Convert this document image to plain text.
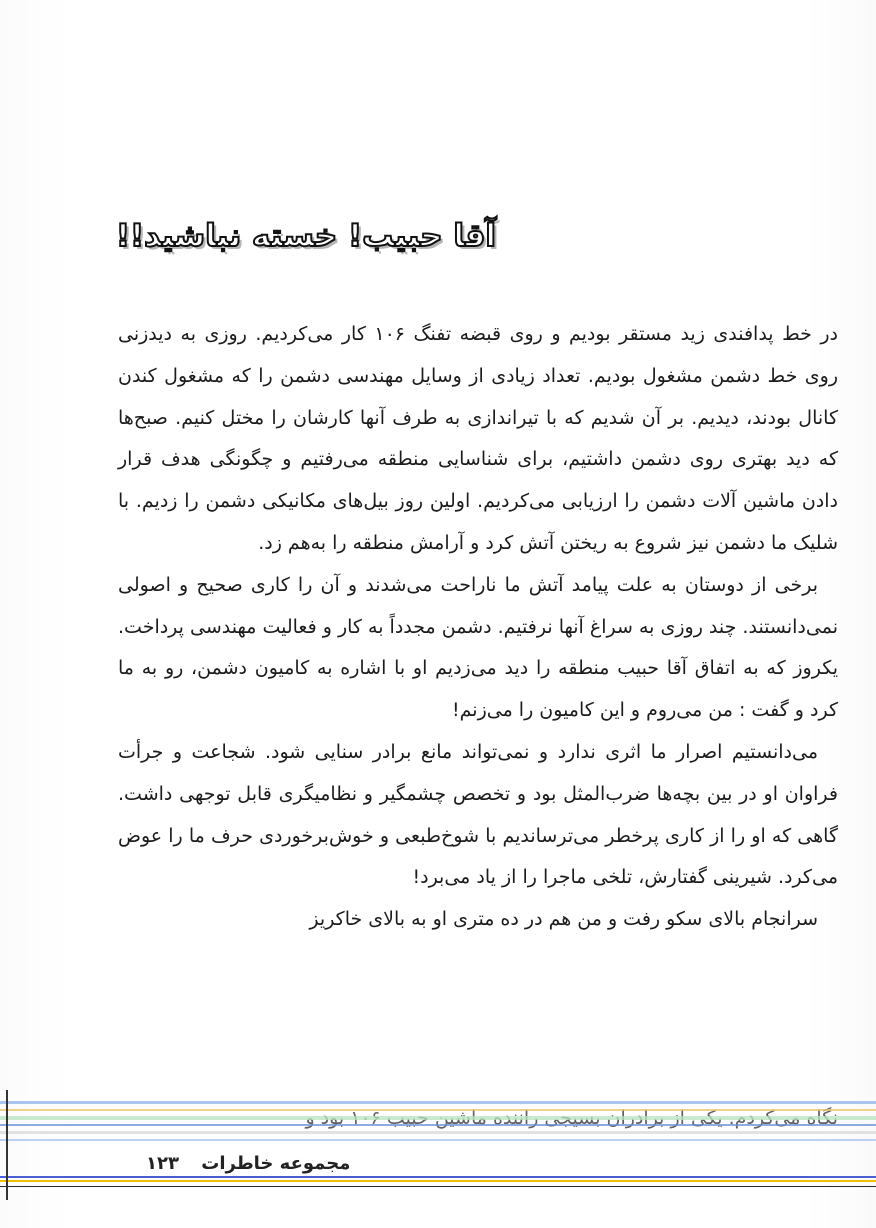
آقا حبیب! خسته نباشید!!

در خط پدافندی زید مستقر بودیم و روی قبضه تفنگ ۱۰۶ کار می‌کردیم. روزی به دیدزنی روی خط دشمن مشغول بودیم. تعداد زیادی از وسایل مهندسی دشمن را که مشغول کندن کانال بودند، دیدیم. بر آن شدیم که با تیراندازی به طرف آنها کارشان را مختل کنیم. صبح‌ها که دید بهتری روی دشمن داشتیم، برای شناسایی منطقه می‌رفتیم و چگونگی هدف قرار دادن ماشین آلات دشمن را ارزیابی می‌کردیم. اولین روز بیل‌های مکانیکی دشمن را زدیم. با شلیک ما دشمن نیز شروع به ریختن آتش کرد و آرامش منطقه را به‌هم زد.

برخی از دوستان به علت پیامد آتش ما ناراحت می‌شدند و آن را کاری صحیح و اصولی نمی‌دانستند. چند روزی به سراغ آنها نرفتیم. دشمن مجدداً به کار و فعالیت مهندسی پرداخت. یکروز که به اتفاق آقا حبیب منطقه را دید می‌زدیم او با اشاره به کامیون دشمن، رو به ما کرد و گفت : من می‌روم و این کامیون را می‌زنم!

می‌دانستیم اصرار ما اثری ندارد و نمی‌تواند مانع برادر سنایی شود. شجاعت و جرأت فراوان او در بین بچه‌ها ضرب‌المثل بود و تخصص چشمگیر و نظامیگری قابل توجهی داشت. گاهی که او را از کاری پرخطر می‌ترساندیم با شوخ‌طبعی و خوش‌برخوردی حرف ما را عوض می‌کرد. شیرینی گفتارش، تلخی ماجرا را از یاد می‌برد!

سرانجام بالای سکو رفت و من هم در ده متری او به بالای خاکریز

مجموعه خاطرات ۱۲۳
